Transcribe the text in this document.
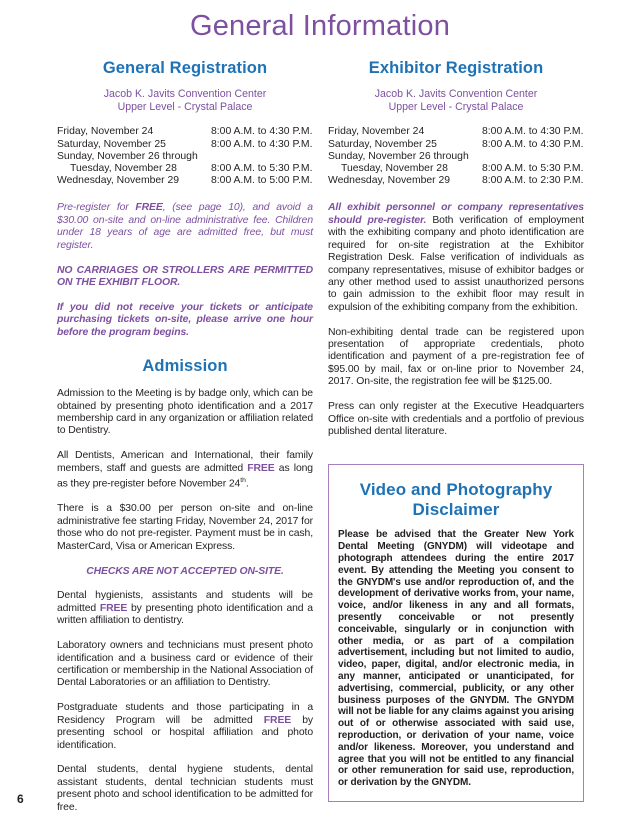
General Information
General Registration
Jacob K. Javits Convention Center
Upper Level - Crystal Palace
Friday, November 24	8:00 A.M. to 4:30 P.M.
Saturday, November 25	8:00 A.M. to 4:30 P.M.
Sunday, November 26 through
Tuesday, November 28	8:00 A.M. to 5:30 P.M.
Wednesday, November 29	8:00 A.M. to 5:00 P.M.

Pre-register for FREE, (see page 10), and avoid a $30.00 on-site and on-line administrative fee. Children under 18 years of age are admitted free, but must register.

NO CARRIAGES OR STROLLERS ARE PERMITTED ON THE EXHIBIT FLOOR.

If you did not receive your tickets or anticipate purchasing tickets on-site, please arrive one hour before the program begins.

Admission

Admission to the Meeting is by badge only, which can be obtained by presenting photo identification and a 2017 membership card in any organization or affiliation related to Dentistry.

All Dentists, American and International, their family members, staff and guests are admitted FREE as long as they pre-register before November 24th.

There is a $30.00 per person on-site and on-line administrative fee starting Friday, November 24, 2017 for those who do not pre-register. Payment must be in cash, MasterCard, Visa or American Express.

CHECKS ARE NOT ACCEPTED ON-SITE.

Dental hygienists, assistants and students will be admitted FREE by presenting photo identification and a written affiliation to dentistry.

Laboratory owners and technicians must present photo identification and a business card or evidence of their certification or membership in the National Association of Dental Laboratories or an affiliation to Dentistry.

Postgraduate students and those participating in a Residency Program will be admitted FREE by presenting school or hospital affiliation and photo identification.

Dental students, dental hygiene students, dental assistant students, dental technician students must present photo and school identification to be admitted for free.

Exhibitor Registration
Jacob K. Javits Convention Center
Upper Level - Crystal Palace
Friday, November 24	8:00 A.M. to 4:30 P.M.
Saturday, November 25	8:00 A.M. to 4:30 P.M.
Sunday, November 26 through
Tuesday, November 28	8:00 A.M. to 5:30 P.M.
Wednesday, November 29	8:00 A.M. to 2:30 P.M.

All exhibit personnel or company representatives should pre-register. Both verification of employment with the exhibiting company and photo identification are required for on-site registration at the Exhibitor Registration Desk. False verification of individuals as company representatives, misuse of exhibitor badges or any other method used to assist unauthorized persons to gain admission to the exhibit floor may result in expulsion of the exhibiting company from the exhibition.

Non-exhibiting dental trade can be registered upon presentation of appropriate credentials, photo identification and payment of a pre-registration fee of $95.00 by mail, fax or on-line prior to November 24, 2017. On-site, the registration fee will be $125.00.

Press can only register at the Executive Headquarters Office on-site with credentials and a portfolio of previous published dental literature.

Video and Photography Disclaimer

Please be advised that the Greater New York Dental Meeting (GNYDM) will videotape and photograph attendees during the entire 2017 event. By attending the Meeting you consent to the GNYDM's use and/or reproduction of, and the development of derivative works from, your name, voice, and/or likeness in any and all formats, presently conceivable or not presently conceivable, singularly or in conjunction with other media, or as part of a compilation advertisement, including but not limited to audio, video, paper, digital, and/or electronic media, in any manner, anticipated or unanticipated, for advertising, commercial, publicity, or any other business purposes of the GNYDM. The GNYDM will not be liable for any claims against you arising out of or otherwise associated with said use, reproduction, or derivation of your name, voice and/or likeness. Moreover, you understand and agree that you will not be entitled to any financial or other remuneration for said use, reproduction, or derivation by the GNYDM.

6
